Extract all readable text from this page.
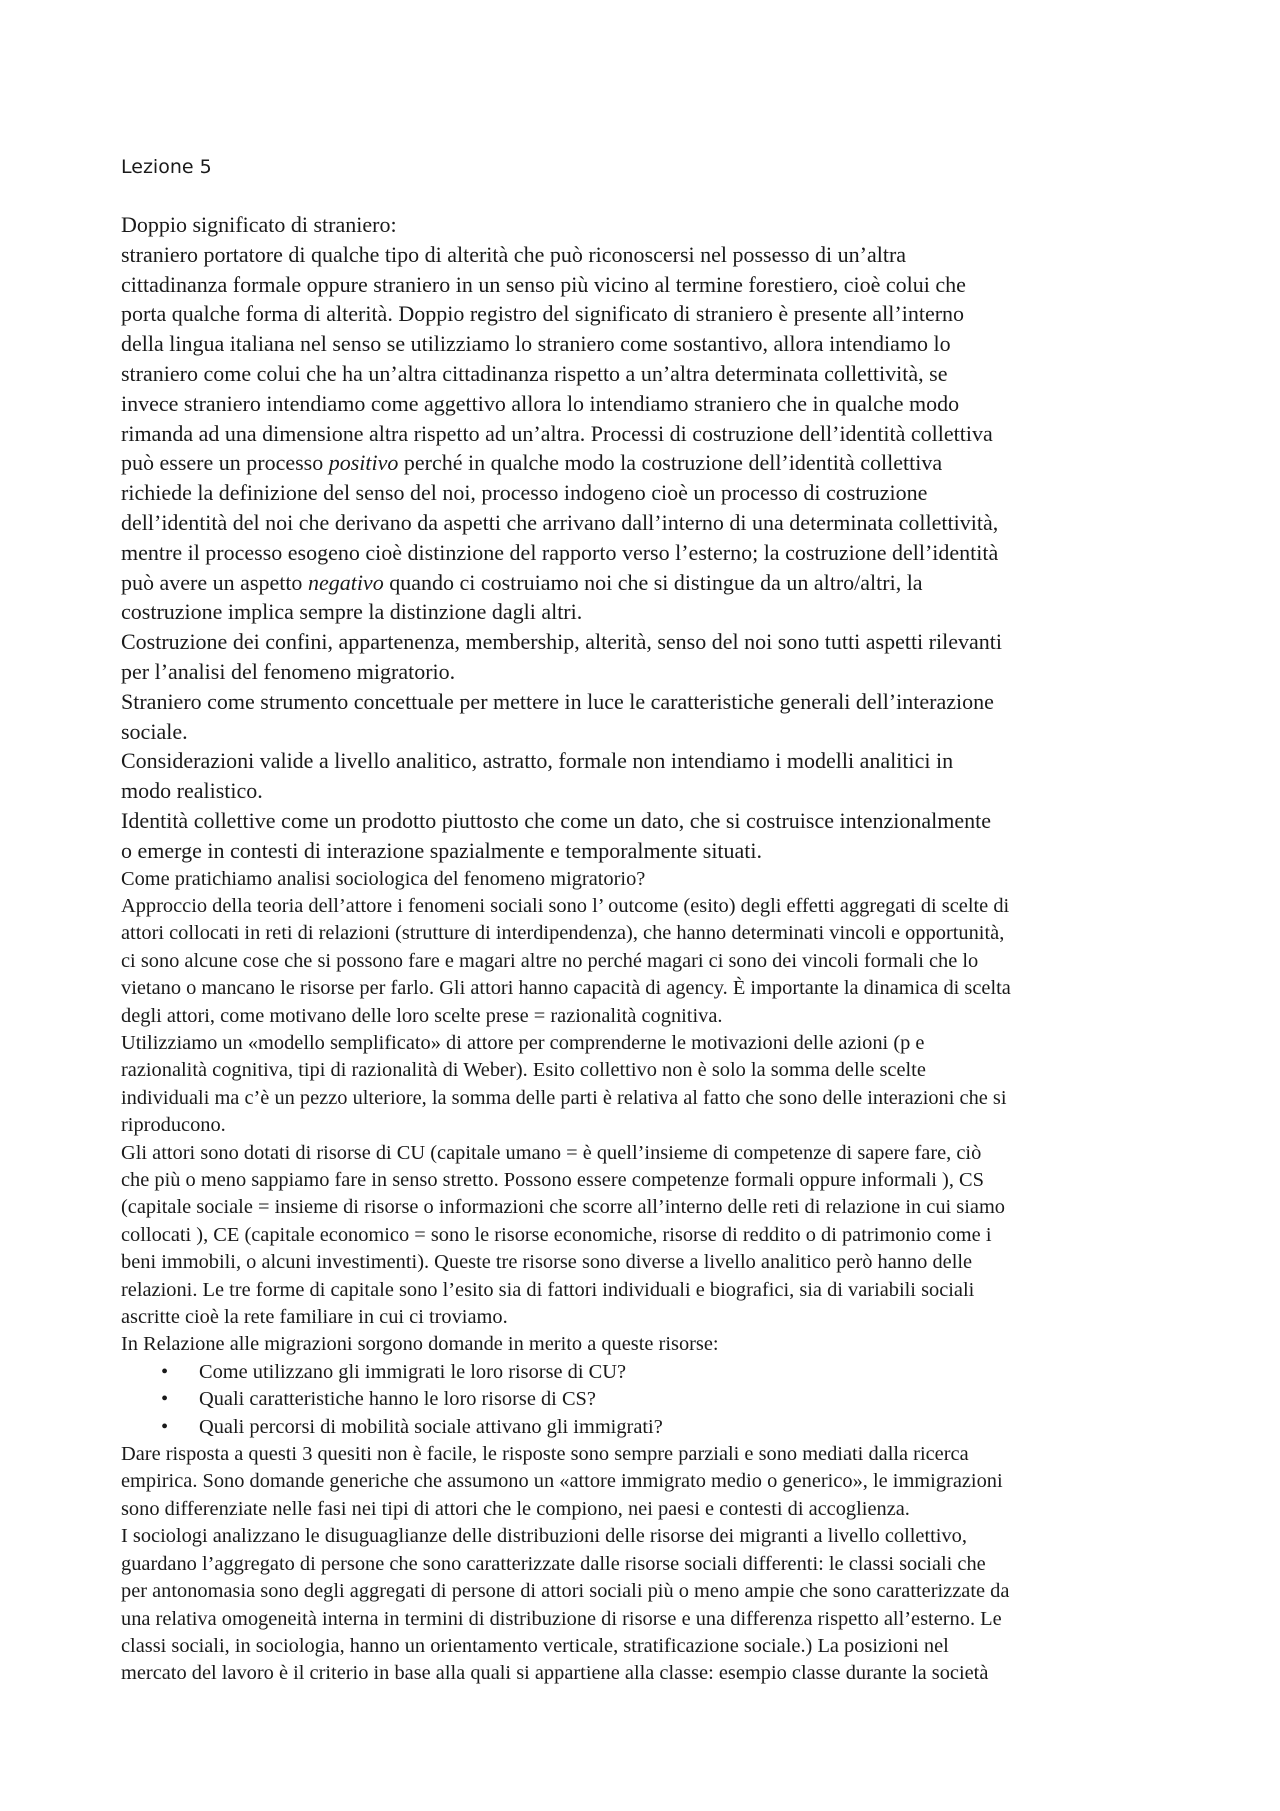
Lezione 5
Doppio significato di straniero:
straniero portatore di qualche tipo di alterità che può riconoscersi nel possesso di un’altra
cittadinanza formale oppure straniero in un senso più vicino al termine forestiero, cioè colui che
porta qualche forma di alterità. Doppio registro del significato di straniero è presente all’interno
della lingua italiana nel senso se utilizziamo lo straniero come sostantivo, allora intendiamo lo
straniero come colui che ha un’altra cittadinanza rispetto a un’altra determinata collettività, se
invece straniero intendiamo come aggettivo allora lo intendiamo straniero che in qualche modo
rimanda ad una dimensione altra rispetto ad un’altra. Processi di costruzione dell’identità collettiva
può essere un processo positivo perché in qualche modo la costruzione dell’identità collettiva
richiede la definizione del senso del noi, processo indogeno cioè un processo di costruzione
dell’identità del noi che derivano da aspetti che arrivano dall’interno di una determinata collettività,
mentre il processo esogeno cioè distinzione del rapporto verso l’esterno; la costruzione dell’identità
può avere un aspetto negativo quando ci costruiamo noi che si distingue da un altro/altri, la
costruzione implica sempre la distinzione dagli altri.
Costruzione dei confini, appartenenza, membership, alterità, senso del noi sono tutti aspetti rilevanti
per l’analisi del fenomeno migratorio.
Straniero come strumento concettuale per mettere in luce le caratteristiche generali dell’interazione
sociale.
Considerazioni valide a livello analitico, astratto, formale non intendiamo i modelli analitici in
modo realistico.
Identità collettive come un prodotto piuttosto che come un dato, che si costruisce intenzionalmente
o emerge in contesti di interazione spazialmente e temporalmente situati.
Come pratichiamo analisi sociologica del fenomeno migratorio?
Approccio della teoria dell’attore i fenomeni sociali sono l’ outcome (esito) degli effetti aggregati di scelte di
attori collocati in reti di relazioni (strutture di interdipendenza), che hanno determinati vincoli e opportunità,
ci sono alcune cose che si possono fare e magari altre no perché magari ci sono dei vincoli formali che lo
vietano o mancano le risorse per farlo. Gli attori hanno capacità di agency. È importante la dinamica di scelta
degli attori, come motivano delle loro scelte prese = razionalità cognitiva.
Utilizziamo un «modello semplificato» di attore per comprenderne le motivazioni delle azioni (p e
razionalità cognitiva, tipi di razionalità di Weber). Esito collettivo non è solo la somma delle scelte
individuali ma c’è un pezzo ulteriore, la somma delle parti è relativa al fatto che sono delle interazioni che si
riproducono.
Gli attori sono dotati di risorse di CU (capitale umano = è quell’insieme di competenze di sapere fare, ciò
che più o meno sappiamo fare in senso stretto. Possono essere competenze formali oppure informali ), CS
(capitale sociale = insieme di risorse o informazioni che scorre all’interno delle reti di relazione in cui siamo
collocati ), CE (capitale economico = sono le risorse economiche, risorse di reddito o di patrimonio come i
beni immobili, o alcuni investimenti). Queste tre risorse sono diverse a livello analitico però hanno delle
relazioni. Le tre forme di capitale sono l’esito sia di fattori individuali e biografici, sia di variabili sociali
ascritte cioè la rete familiare in cui ci troviamo.
In Relazione alle migrazioni sorgono domande in merito a queste risorse:
• Come utilizzano gli immigrati le loro risorse di CU?
• Quali caratteristiche hanno le loro risorse di CS?
• Quali percorsi di mobilità sociale attivano gli immigrati?
Dare risposta a questi 3 quesiti non è facile, le risposte sono sempre parziali e sono mediati dalla ricerca
empirica. Sono domande generiche che assumono un «attore immigrato medio o generico», le immigrazioni
sono differenziate nelle fasi nei tipi di attori che le compiono, nei paesi e contesti di accoglienza.
I sociologi analizzano le disuguaglianze delle distribuzioni delle risorse dei migranti a livello collettivo,
guardano l’aggregato di persone che sono caratterizzate dalle risorse sociali differenti: le classi sociali che
per antonomasia sono degli aggregati di persone di attori sociali più o meno ampie che sono caratterizzate da
una relativa omogeneità interna in termini di distribuzione di risorse e una differenza rispetto all’esterno. Le
classi sociali, in sociologia, hanno un orientamento verticale, stratificazione sociale.) La posizioni nel
mercato del lavoro è il criterio in base alla quali si appartiene alla classe: esempio classe durante la società
